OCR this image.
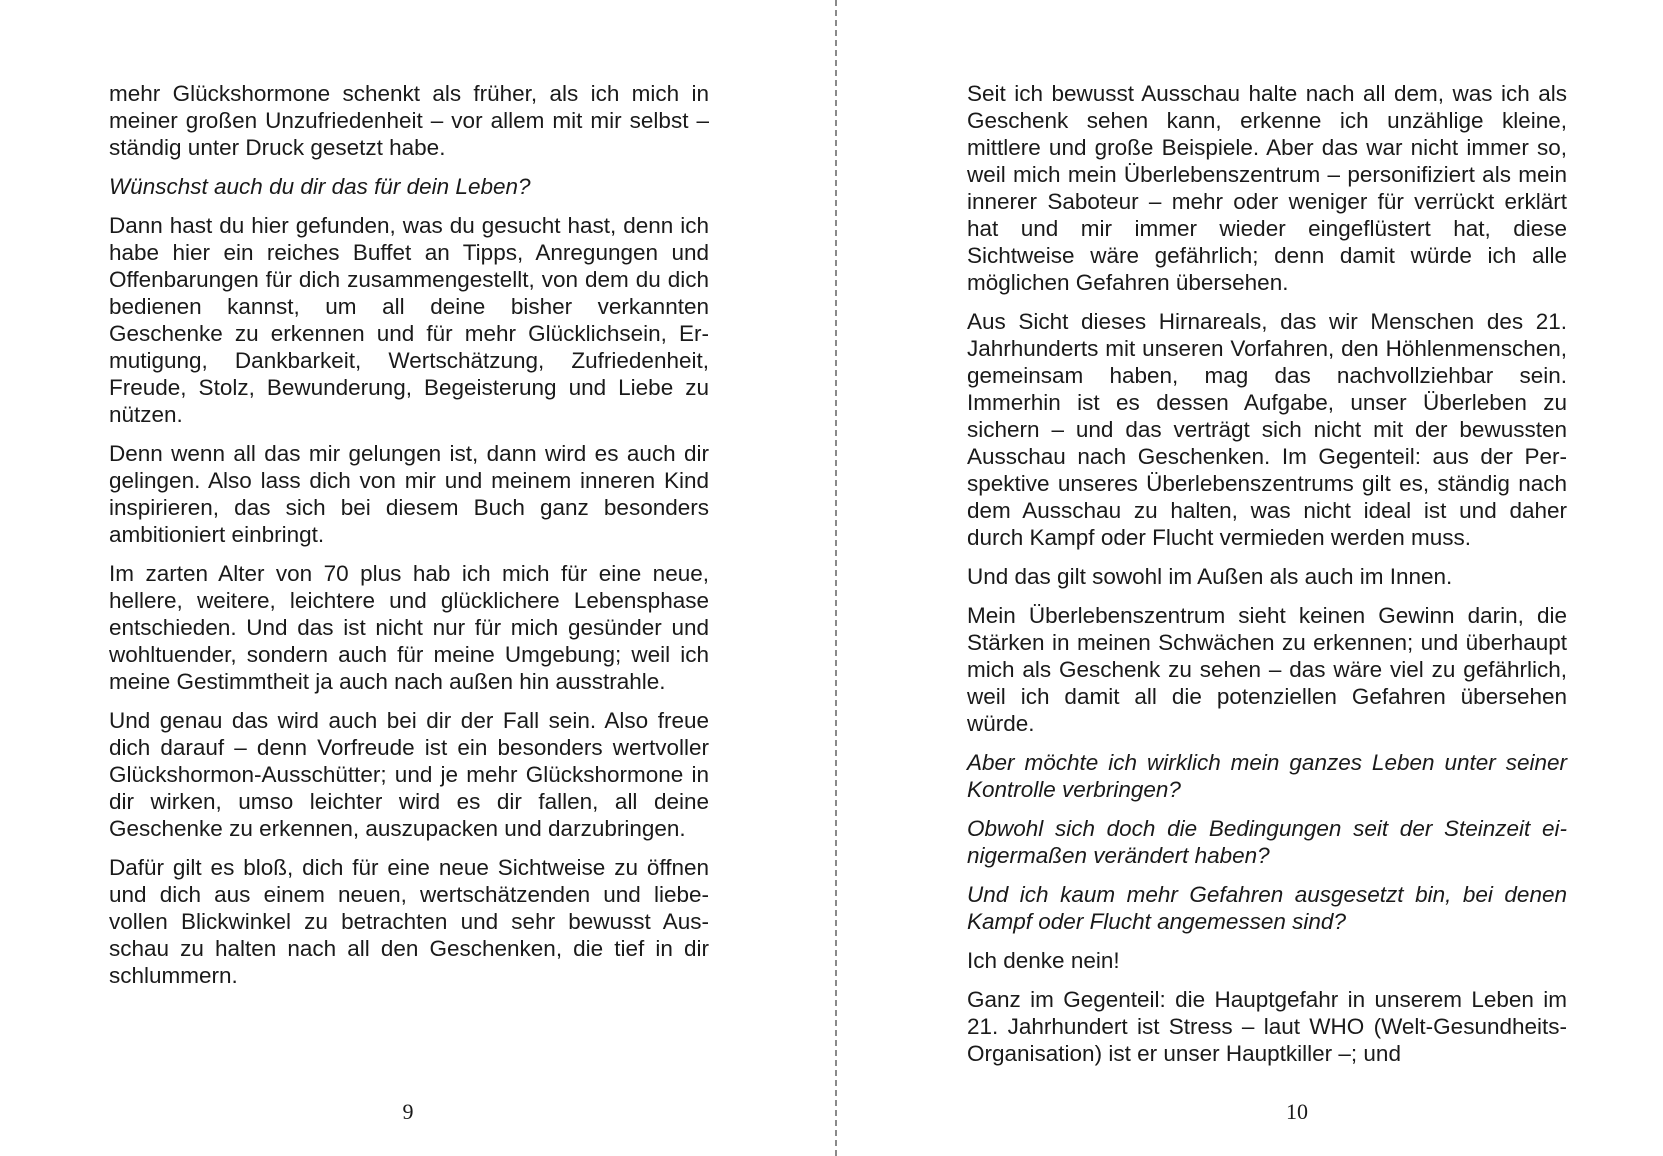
mehr Glückshormone schenkt als früher, als ich mich in meiner großen Unzufriedenheit – vor allem mit mir selbst – ständig unter Druck gesetzt habe.

Wünschst auch du dir das für dein Leben?

Dann hast du hier gefunden, was du gesucht hast, denn ich habe hier ein reiches Buffet an Tipps, Anregungen und Offenbarungen für dich zusammengestellt, von dem du dich bedienen kannst, um all deine bisher verkannten Geschenke zu erkennen und für mehr Glücklichsein, Ermutigung, Dankbarkeit, Wertschätzung, Zufriedenheit, Freude, Stolz, Bewunderung, Begeisterung und Liebe zu nützen.

Denn wenn all das mir gelungen ist, dann wird es auch dir gelingen. Also lass dich von mir und meinem inneren Kind inspirieren, das sich bei diesem Buch ganz besonders ambitioniert einbringt.

Im zarten Alter von 70 plus hab ich mich für eine neue, hellere, weitere, leichtere und glücklichere Lebensphase entschieden. Und das ist nicht nur für mich gesünder und wohltuender, sondern auch für meine Umgebung; weil ich meine Gestimmtheit ja auch nach außen hin ausstrahle.

Und genau das wird auch bei dir der Fall sein. Also freue dich darauf – denn Vorfreude ist ein besonders wertvoller Glückshormon-Ausschütter; und je mehr Glückshormone in dir wirken, umso leichter wird es dir fallen, all deine Geschenke zu erkennen, auszupacken und darzubringen.

Dafür gilt es bloß, dich für eine neue Sichtweise zu öffnen und dich aus einem neuen, wertschätzenden und liebevollen Blickwinkel zu betrachten und sehr bewusst Ausschau zu halten nach all den Geschenken, die tief in dir schlummern.

9

Seit ich bewusst Ausschau halte nach all dem, was ich als Geschenk sehen kann, erkenne ich unzählige kleine, mittlere und große Beispiele. Aber das war nicht immer so, weil mich mein Überlebenszentrum – personifiziert als mein innerer Saboteur – mehr oder weniger für verrückt erklärt hat und mir immer wieder eingeflüstert hat, diese Sichtweise wäre gefährlich; denn damit würde ich alle möglichen Gefahren übersehen.

Aus Sicht dieses Hirnareals, das wir Menschen des 21. Jahrhunderts mit unseren Vorfahren, den Höhlenmenschen, gemeinsam haben, mag das nachvollziehbar sein. Immerhin ist es dessen Aufgabe, unser Überleben zu sichern – und das verträgt sich nicht mit der bewussten Ausschau nach Geschenken. Im Gegenteil: aus der Perspektive unseres Überlebenszentrums gilt es, ständig nach dem Ausschau zu halten, was nicht ideal ist und daher durch Kampf oder Flucht vermieden werden muss.

Und das gilt sowohl im Außen als auch im Innen.

Mein Überlebenszentrum sieht keinen Gewinn darin, die Stärken in meinen Schwächen zu erkennen; und überhaupt mich als Geschenk zu sehen – das wäre viel zu gefährlich, weil ich damit all die potenziellen Gefahren übersehen würde.

Aber möchte ich wirklich mein ganzes Leben unter seiner Kontrolle verbringen?

Obwohl sich doch die Bedingungen seit der Steinzeit einigermaßen verändert haben?

Und ich kaum mehr Gefahren ausgesetzt bin, bei denen Kampf oder Flucht angemessen sind?

Ich denke nein!

Ganz im Gegenteil: die Hauptgefahr in unserem Leben im 21. Jahrhundert ist Stress – laut WHO (Welt-Gesundheits-Organisation) ist er unser Hauptkiller –; und

10
